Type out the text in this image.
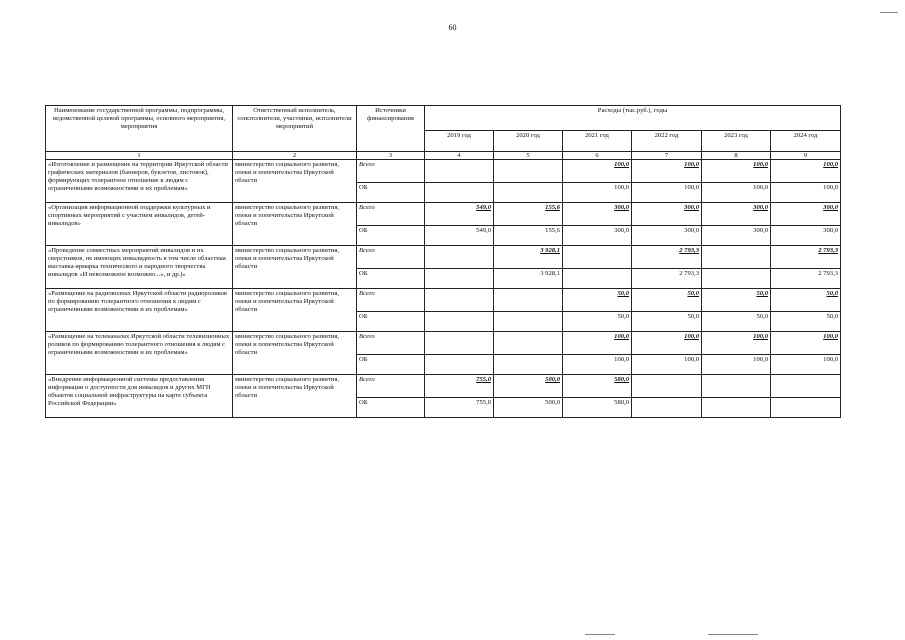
60
Наименование государственной программы, подпрограммы, ведомственной целевой программы, основного мероприятия, мероприятия	Ответственный исполнитель, соисполнители, участники, исполнители мероприятий	Источники финансирования	Расходы (тыс.руб.), годы					
			2019 год	2020 год	2021 год	2022 год	2023 год	2024 год
1	2	3	4	5	6	7	8	9
«Изготовление и размещение на территории Иркутской области графических материалов (баннеров, буклетов, листовок), формирующих толерантное отношение к людям с ограниченными возможностями и их проблемам»	министерство социального развития, опеки и попечительства Иркутской области	Всего			100,0	100,0	100,0	100,0
		ОБ			100,0	100,0	100,0	100,0
«Организация информационной поддержки культурных и спортивных мероприятий с участием инвалидов, детей-инвалидов»	министерство социального развития, опеки и попечительства Иркутской области	Всего	549,0	155,6	300,0	300,0	300,0	300,0
		ОБ	549,0	155,6	300,0	300,0	300,0	300,0
«Проведение совместных мероприятий инвалидов и их сверстников, не имеющих инвалидность в том числе областная выставка-ярмарка технического и народного творчества инвалидов «И невозможное возможно...», и др.)»	министерство социального развития, опеки и попечительства Иркутской области	Всего		3 928,1		2 793,3		2 793,3
		ОБ		3 928,1		2 793,3		2 793,3
«Размещение на радиоволнах Иркутской области радиороликов по формированию толерантного отношения к людям с ограниченными возможностями и их проблемам»	министерство социального развития, опеки и попечительства Иркутской области	Всего			50,0	50,0	50,0	50,0
		ОБ			50,0	50,0	50,0	50,0
«Размещение на телеканалах Иркутской области телевизионных роликов по формированию толерантного отношения к людям с ограниченными возможностями и их проблемам»	министерство социального развития, опеки и попечительства Иркутской области	Всего			100,0	100,0	100,0	100,0
		ОБ			100,0	100,0	100,0	100,0
«Внедрение информационной системы предоставления информации о доступности для инвалидов и других МГН объектов социальной инфраструктуры на карте субъекта Российской Федерации»	министерство социального развития, опеки и попечительства Иркутской области	Всего	755,0	500,0	580,0			
		ОБ	755,0	500,0	580,0			
